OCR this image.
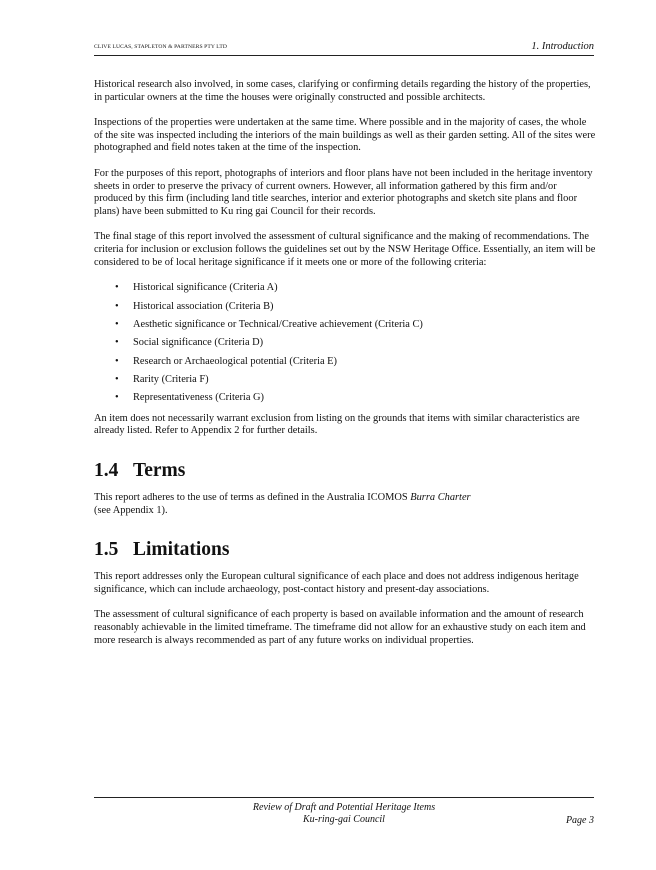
CLIVE LUCAS, STAPLETON & PARTNERS PTY LTD	1. Introduction

Historical research also involved, in some cases, clarifying or confirming details regarding the history of the properties, in particular owners at the time the houses were originally constructed and possible architects.

Inspections of the properties were undertaken at the same time. Where possible and in the majority of cases, the whole of the site was inspected including the interiors of the main buildings as well as their garden setting. All of the sites were photographed and field notes taken at the time of the inspection.

For the purposes of this report, photographs of interiors and floor plans have not been included in the heritage inventory sheets in order to preserve the privacy of current owners. However, all information gathered by this firm and/or produced by this firm (including land title searches, interior and exterior photographs and sketch site plans and floor plans) have been submitted to Ku ring gai Council for their records.

The final stage of this report involved the assessment of cultural significance and the making of recommendations. The criteria for inclusion or exclusion follows the guidelines set out by the NSW Heritage Office. Essentially, an item will be considered to be of local heritage significance if it meets one or more of the following criteria:

• Historical significance (Criteria A)
• Historical association (Criteria B)
• Aesthetic significance or Technical/Creative achievement (Criteria C)
• Social significance (Criteria D)
• Research or Archaeological potential (Criteria E)
• Rarity (Criteria F)
• Representativeness (Criteria G)

An item does not necessarily warrant exclusion from listing on the grounds that items with similar characteristics are already listed. Refer to Appendix 2 for further details.

1.4 Terms

This report adheres to the use of terms as defined in the Australia ICOMOS Burra Charter
(see Appendix 1).

1.5 Limitations

This report addresses only the European cultural significance of each place and does not address indigenous heritage significance, which can include archaeology, post-contact history and present-day associations.

The assessment of cultural significance of each property is based on available information and the amount of research reasonably achievable in the limited timeframe. The timeframe did not allow for an exhaustive study on each item and more research is always recommended as part of any future works on individual properties.

Review of Draft and Potential Heritage Items
Ku-ring-gai Council	Page 3
